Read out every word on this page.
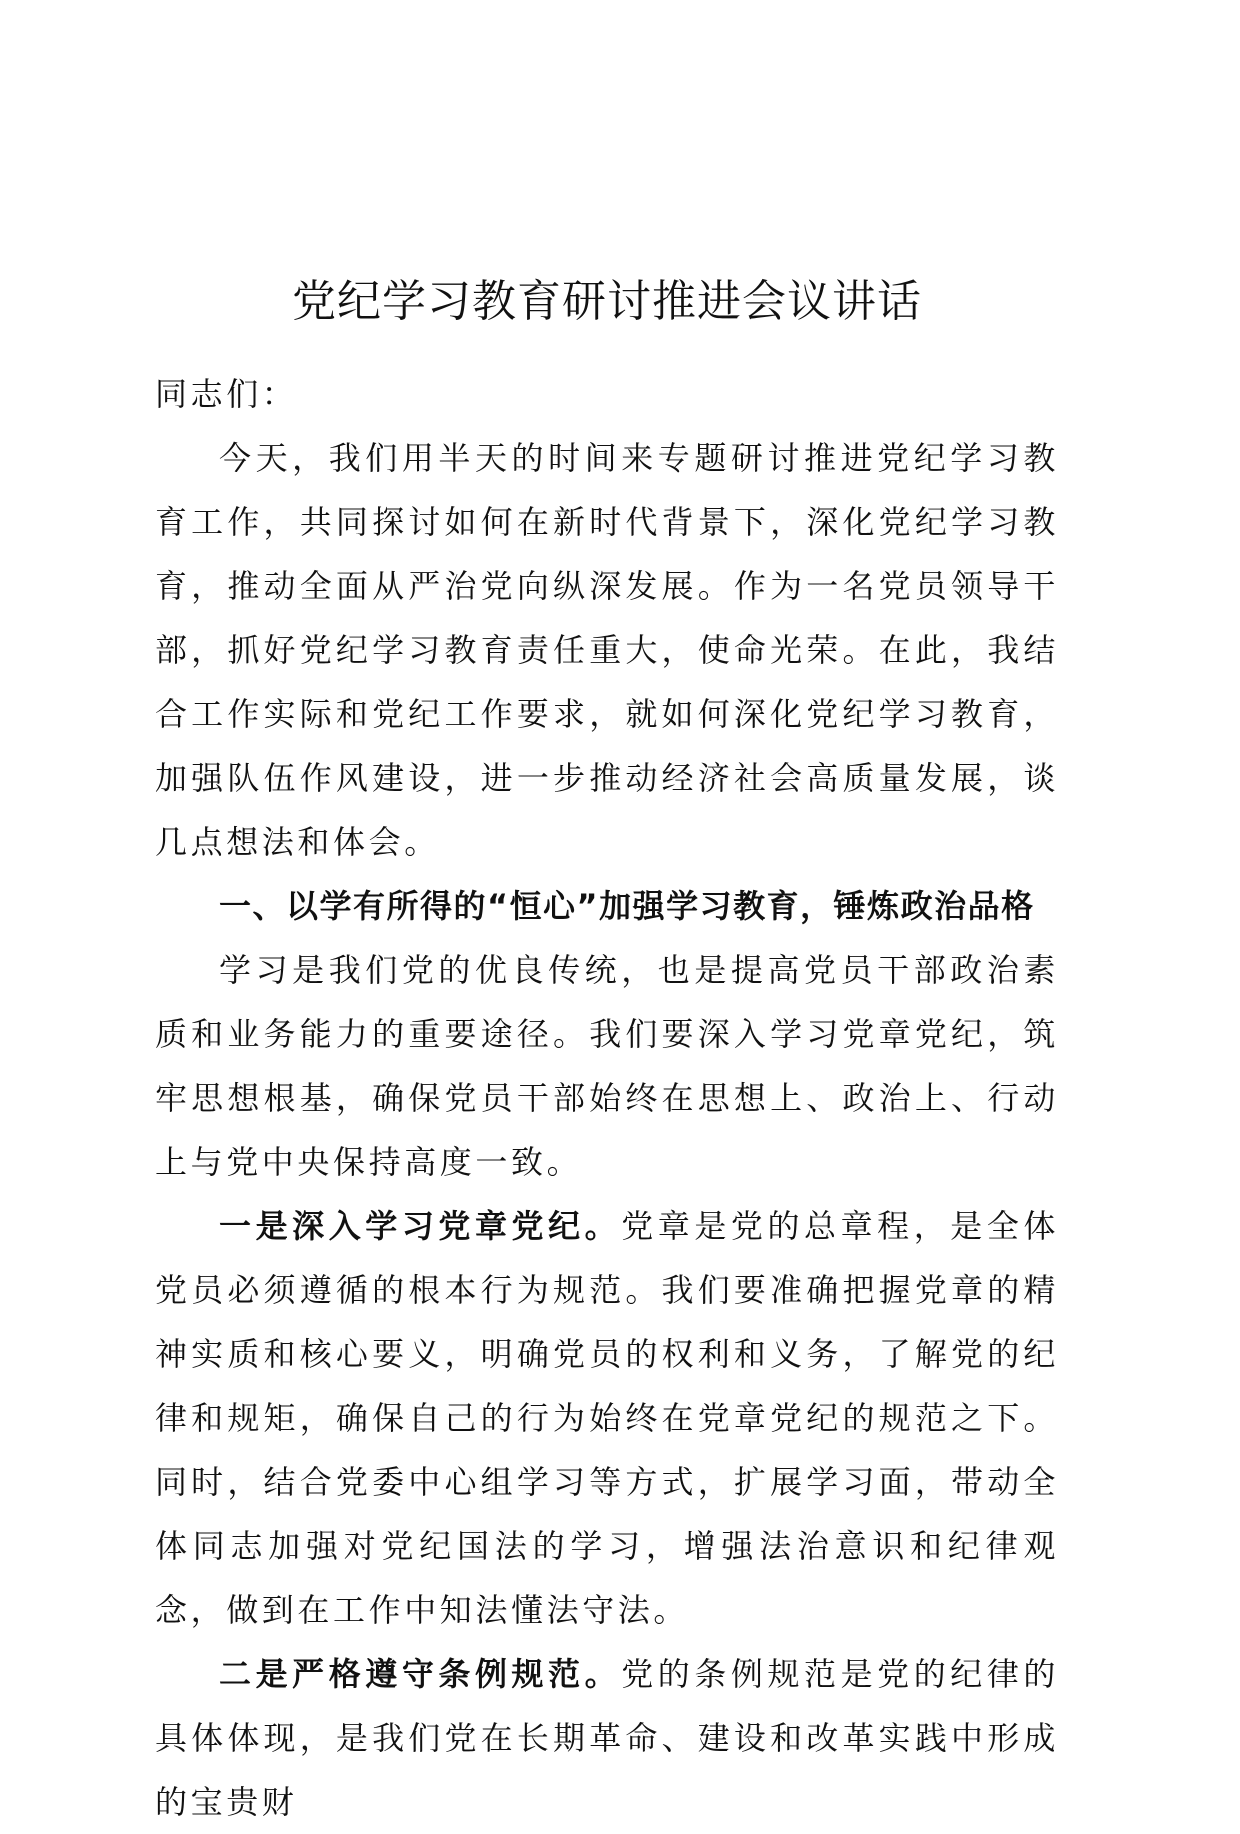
党纪学习教育研讨推进会议讲话

同志们：

今天，我们用半天的时间来专题研讨推进党纪学习教育工作，共同探讨如何在新时代背景下，深化党纪学习教育，推动全面从严治党向纵深发展。作为一名党员领导干部，抓好党纪学习教育责任重大，使命光荣。在此，我结合工作实际和党纪工作要求，就如何深化党纪学习教育，加强队伍作风建设，进一步推动经济社会高质量发展，谈几点想法和体会。

一、以学有所得的“恒心”加强学习教育，锤炼政治品格

学习是我们党的优良传统，也是提高党员干部政治素质和业务能力的重要途径。我们要深入学习党章党纪，筑牢思想根基，确保党员干部始终在思想上、政治上、行动上与党中央保持高度一致。

一是深入学习党章党纪。党章是党的总章程，是全体党员必须遵循的根本行为规范。我们要准确把握党章的精神实质和核心要义，明确党员的权利和义务，了解党的纪律和规矩，确保自己的行为始终在党章党纪的规范之下。同时，结合党委中心组学习等方式，扩展学习面，带动全体同志加强对党纪国法的学习，增强法治意识和纪律观念，做到在工作中知法懂法守法。

二是严格遵守条例规范。党的条例规范是党的纪律的具体体现，是我们党在长期革命、建设和改革实践中形成的宝贵财
